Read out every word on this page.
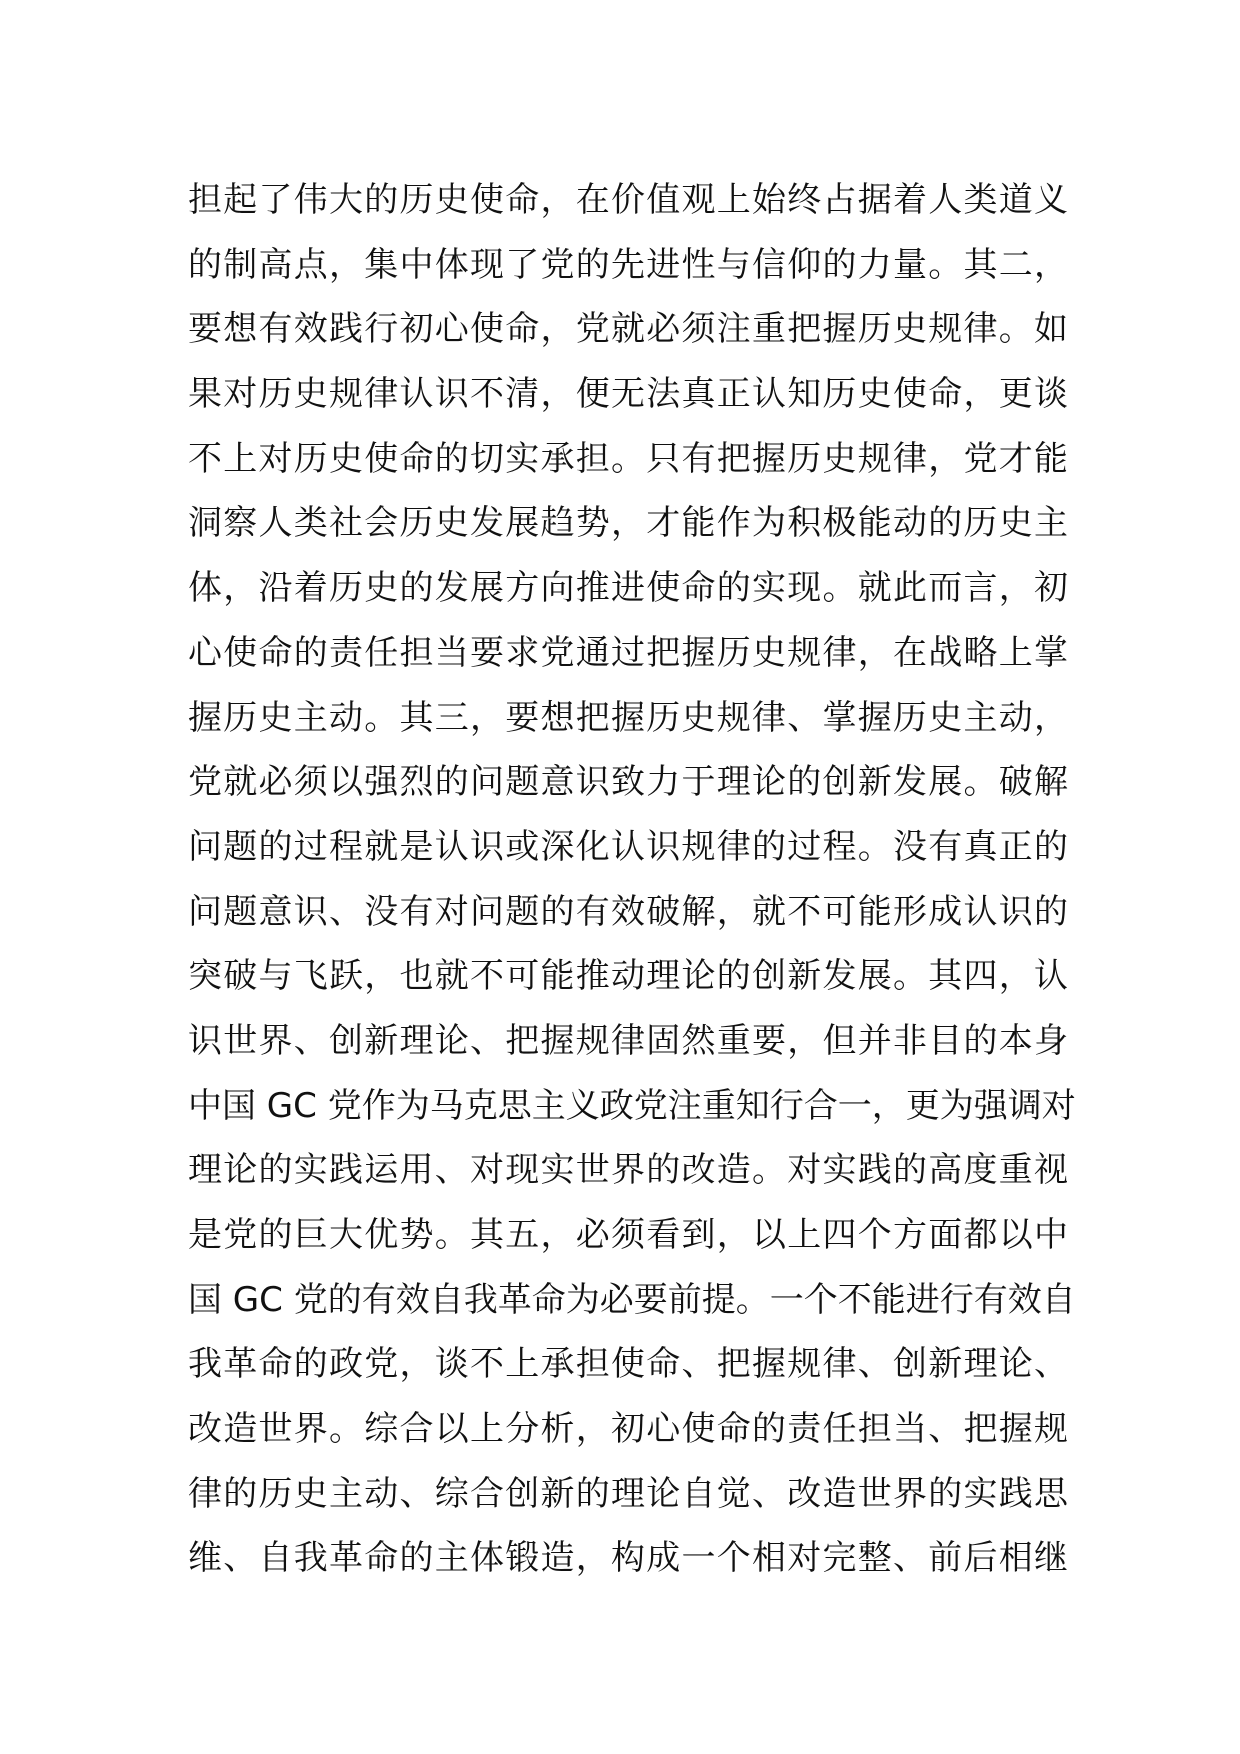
担起了伟大的历史使命，在价值观上始终占据着人类道义
的制高点，集中体现了党的先进性与信仰的力量。其二，
要想有效践行初心使命，党就必须注重把握历史规律。如
果对历史规律认识不清，便无法真正认知历史使命，更谈
不上对历史使命的切实承担。只有把握历史规律，党才能
洞察人类社会历史发展趋势，才能作为积极能动的历史主
体，沿着历史的发展方向推进使命的实现。就此而言，初
心使命的责任担当要求党通过把握历史规律，在战略上掌
握历史主动。其三，要想把握历史规律、掌握历史主动，
党就必须以强烈的问题意识致力于理论的创新发展。破解
问题的过程就是认识或深化认识规律的过程。没有真正的
问题意识、没有对问题的有效破解，就不可能形成认识的
突破与飞跃，也就不可能推动理论的创新发展。其四，认
识世界、创新理论、把握规律固然重要，但并非目的本身
中国 GC 党作为马克思主义政党注重知行合一，更为强调对
理论的实践运用、对现实世界的改造。对实践的高度重视
是党的巨大优势。其五，必须看到，以上四个方面都以中
国 GC 党的有效自我革命为必要前提。一个不能进行有效自
我革命的政党，谈不上承担使命、把握规律、创新理论、
改造世界。综合以上分析，初心使命的责任担当、把握规
律的历史主动、综合创新的理论自觉、改造世界的实践思
维、自我革命的主体锻造，构成一个相对完整、前后相继
